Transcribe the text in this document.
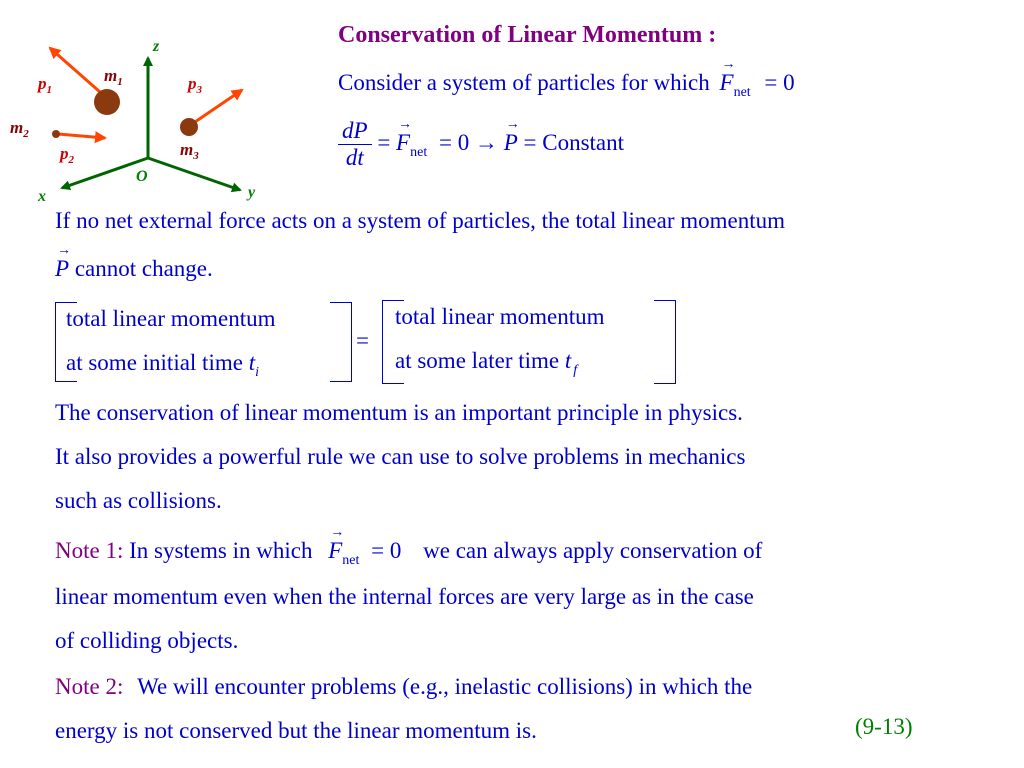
z
x	y
O
$p_1$
$m_1$	$p_3$
$m_2$
$p_2$
$m_3$
Conservation of Linear Momentum :
Consider a system of particles for which → $F_{net} = 0$
$\frac{dP}{dt}$ = → $F_{net} = 0$ → → P = Constant
If no net external force acts on a system of particles, the total linear momentum
→ P cannot change.
total linear momentum
at some initial time $t_i$
=
total linear momentum
at some later time t $_f$
The conservation of linear momentum is an important principle in physics.
It also provides a powerful rule we can use to solve problems in mechanics
such as collisions.
Note 1: In systems in which → $F_{net} = 0$ we can always apply conservation of
linear momentum even when the internal forces are very large as in the case
of colliding objects.
Note 2: We will encounter problems (e.g., inelastic collisions) in which the
energy is not conserved but the linear momentum is.	(9-13)
